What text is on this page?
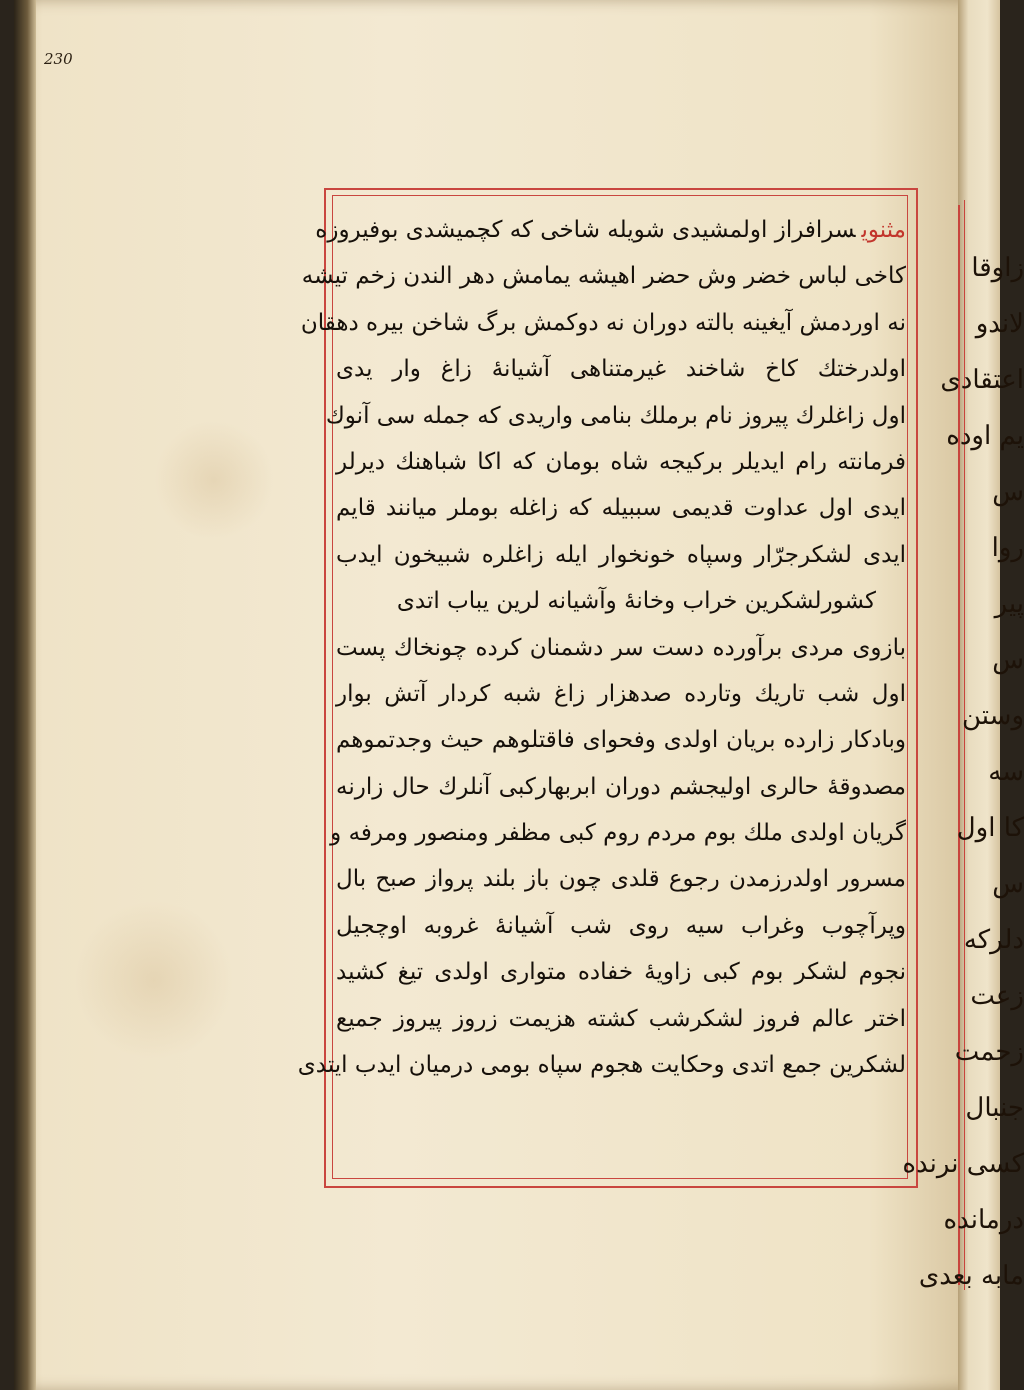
230
مثنویسرافراز اولمشیدی شویله شاخی که کچمیشدی بوفیروزه
کاخی لباس خضر وش حضر اهیشه یمامش دهر الندن زخم تیشه
نه اوردمش آیغینه بالته دوران نه دوکمش برگ شاخن بیره دهقان
اولدرختك کاخ شاخند غیرمتناهی آشیانهٔ زاغ وار یدی
اول زاغلرك پیروز نام برملك بنامی واریدی که جمله سی آنوك
فرمانته رام ایدیلر برکیجه شاه بومان که اکا شباهنك دیرلر
ایدی اول عداوت قدیمی سببیله که زاغله بوملر میانند قایم
ایدی لشکرجرّار وسپاه خونخوار ایله زاغلره شبیخون ایدب
کشورلشکرین خراب وخانهٔ وآشیانه لرین یباب اتدی
بازوی مردی برآورده دست سر دشمنان کرده چونخاك پست
اول شب تاریك وتارده صدهزار زاغ شبه کردار آتش بوار
وبادکار زارده بریان اولدی وفحوای فاقتلوهم حیث وجدتموهم
مصدوقهٔ حالری اولیجشم دوران ابربهارکبی آنلرك حال زارنه
گریان اولدی ملك بوم مردم روم کبی مظفر ومنصور ومرفه و
مسرور اولدرزمدن رجوع قلدی چون باز بلند پرواز صبح بال
وپرآچوب وغراب سیه روی شب آشیانهٔ غروبه اوچجیل
نجوم لشکر بوم کبی زاویهٔ خفاده متواری اولدی تیغ کشید
اختر عالم فروز لشکرشب کشته هزیمت زروز پیروز جمیع
لشکرین جمع اتدی وحکایت هجوم سپاه بومی درمیان ایدب ایتدی
زاوقا
لاندو
اعتقادی
یم اوده
س
روا
پیر
س
وستن
سه
کا اول
س
دلرکه
زعت
زحمت
جنبال
کسی نرنده
درمانده
مابه بعدی
